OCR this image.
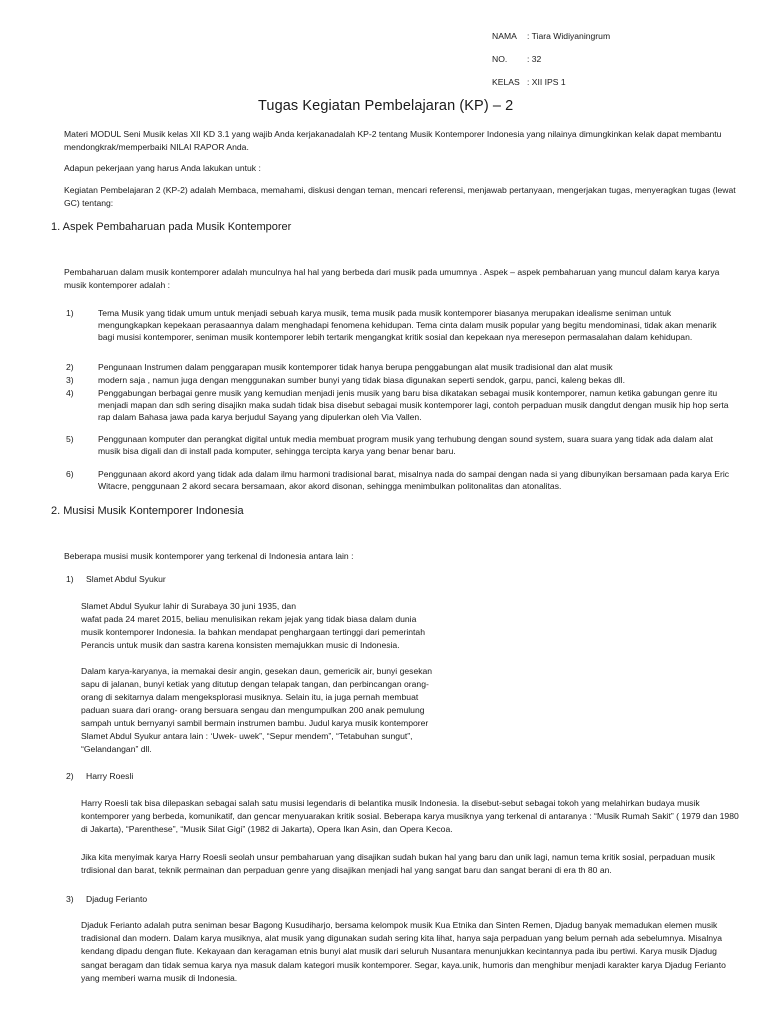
NAMA : Tiara Widiyaningrum
NO. : 32
KELAS : XII IPS 1
Tugas Kegiatan Pembelajaran (KP) – 2
Materi MODUL Seni Musik kelas XII KD 3.1 yang wajib Anda kerjakanadalah KP-2 tentang Musik Kontemporer Indonesia yang nilainya dimungkinkan kelak dapat membantu mendongkrak/memperbaiki NILAI RAPOR Anda.
Adapun pekerjaan yang harus Anda lakukan untuk :
Kegiatan Pembelajaran 2 (KP-2) adalah Membaca, memahami, diskusi dengan teman, mencari referensi, menjawab pertanyaan, mengerjakan tugas, menyeragkan tugas (lewat GC) tentang:
1. Aspek Pembaharuan pada Musik Kontemporer
Pembaharuan dalam musik kontemporer adalah munculnya hal hal yang berbeda dari musik pada umumnya . Aspek – aspek pembaharuan yang muncul dalam karya karya musik kontemporer adalah :
1)	Tema Musik yang tidak umum untuk menjadi sebuah karya musik, tema musik pada musik kontemporer biasanya merupakan idealisme seniman untuk mengungkapkan kepekaan perasaannya dalam menghadapi fenomena kehidupan. Tema cinta dalam musik popular yang begitu mendominasi, tidak akan menarik bagi musisi kontemporer, seniman musik kontemporer lebih tertarik mengangkat kritik sosial dan kepekaan nya meresepon permasalahan dalam kehidupan.
2)	Pengunaan Instrumen dalam penggarapan musik kontemporer tidak hanya berupa penggabungan alat musik tradisional dan alat musik
3)	modern saja , namun juga dengan menggunakan sumber bunyi yang tidak biasa digunakan seperti sendok, garpu, panci, kaleng bekas dll.
4)	Penggabungan berbagai genre musik yang kemudian menjadi jenis musik yang baru bisa dikatakan sebagai musik kontemporer, namun ketika gabungan genre itu menjadi mapan dan sdh sering disajikn maka sudah tidak bisa disebut sebagai musik kontemporer lagi, contoh perpaduan musik dangdut dengan musik hip hop serta rap dalam Bahasa jawa pada karya berjudul Sayang yang dipulerkan oleh Via Vallen.
5)	Penggunaan komputer dan perangkat digital untuk media membuat program musik yang terhubung dengan sound system, suara suara yang tidak ada dalam alat musik bisa digali dan di install pada komputer, sehingga tercipta karya yang benar benar baru.
6)	Penggunaan akord akord yang tidak ada dalam ilmu harmoni tradisional barat, misalnya nada do sampai dengan nada si yang dibunyikan bersamaan pada karya Eric Witacre, penggunaan 2 akord secara bersamaan, akor akord disonan, sehingga menimbulkan politonalitas dan atonalitas.
2. Musisi Musik Kontemporer Indonesia
Beberapa musisi musik kontemporer yang terkenal di Indonesia antara lain :
1) Slamet Abdul Syukur
Slamet Abdul Syukur lahir di Surabaya 30 juni 1935, dan
wafat pada 24 maret 2015, beliau menulisikan rekam jejak yang tidak biasa dalam dunia
musik kontemporer Indonesia. Ia bahkan mendapat penghargaan tertinggi dari pemerintah
Perancis untuk musik dan sastra karena konsisten memajukkan music di Indonesia.
Dalam karya-karyanya, ia memakai desir angin, gesekan daun, gemericik air, bunyi gesekan
sapu di jalanan, bunyi ketiak yang ditutup dengan telapak tangan, dan perbincangan orang-
orang di sekitarnya dalam mengeksplorasi musiknya. Selain itu, ia juga pernah membuat
paduan suara dari orang- orang bersuara sengau dan mengumpulkan 200 anak pemulung
sampah untuk bernyanyi sambil bermain instrumen bambu. Judul karya musik kontemporer
Slamet Abdul Syukur antara lain : ‘Uwek- uwek”, “Sepur mendem”, “Tetabuhan sungut”,
“Gelandangan” dll.
2) Harry Roesli
Harry Roesli tak bisa dilepaskan sebagai salah satu musisi legendaris di belantika musik Indonesia. Ia disebut-sebut sebagai tokoh yang melahirkan budaya musik kontemporer yang berbeda, komunikatif, dan gencar menyuarakan kritik sosial. Beberapa karya musiknya yang terkenal di antaranya : “Musik Rumah Sakit” ( 1979 dan 1980 di Jakarta), “Parenthese”, “Musik Silat Gigi” (1982 di Jakarta), Opera Ikan Asin, dan Opera Kecoa.
Jika kita menyimak karya Harry Roesli seolah unsur pembaharuan yang disajikan sudah bukan hal yang baru dan unik lagi, namun tema kritik sosial, perpaduan musik trdisional dan barat, teknik permainan dan perpaduan genre yang disajikan menjadi hal yang sangat baru dan sangat berani di era th 80 an.
3) Djadug Ferianto
Djaduk Ferianto adalah putra seniman besar Bagong Kusudiharjo, bersama kelompok musik Kua Etnika dan Sinten Remen, Djadug banyak memadukan elemen musik tradisional dan modern. Dalam karya musiknya, alat musik yang digunakan sudah sering kita lihat, hanya saja perpaduan yang belum pernah ada sebelumnya. Misalnya kendang dipadu dengan flute. Kekayaan dan keragaman etnis bunyi alat musik dari seluruh Nusantara menunjukkan kecintannya pada ibu pertiwi. Karya musik Djadug sangat beragam dan tidak semua karya nya masuk dalam kategori musik kontemporer. Segar, kaya.unik, humoris dan menghibur menjadi karakter karya Djadug Ferianto yang memberi warna musik di Indonesia.
